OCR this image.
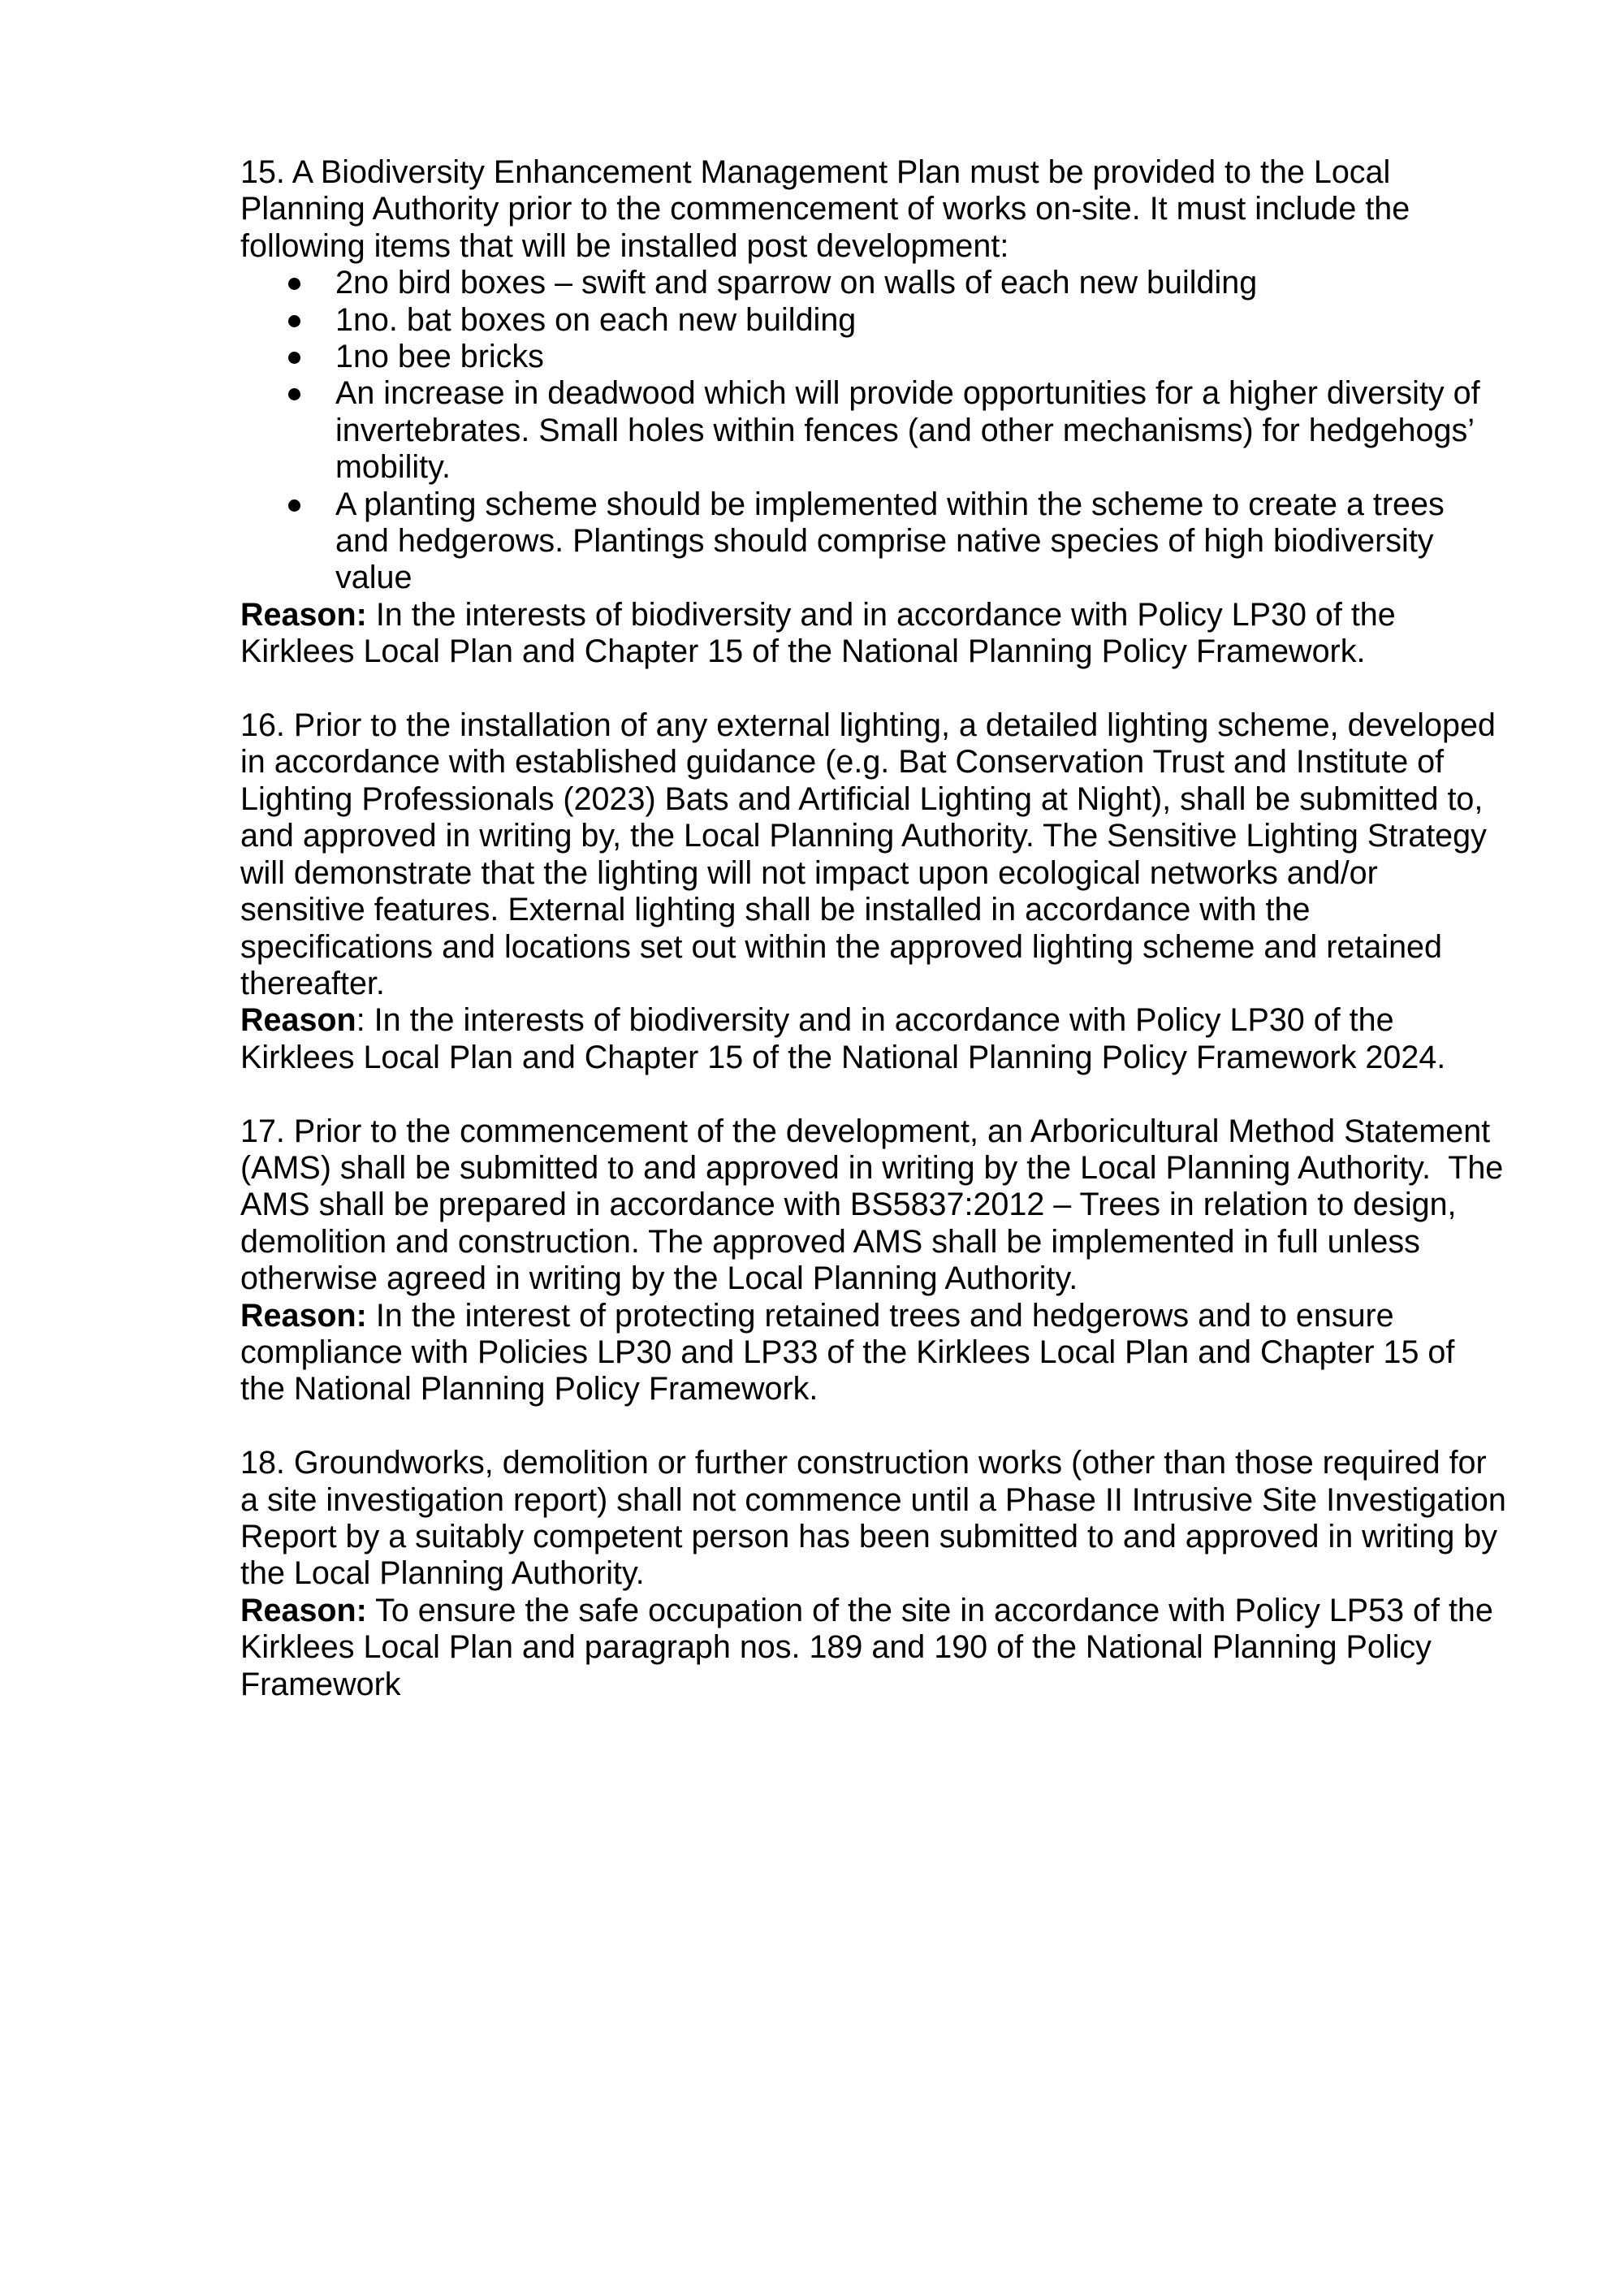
15. A Biodiversity Enhancement Management Plan must be provided to the Local Planning Authority prior to the commencement of works on-site. It must include the following items that will be installed post development:

2no bird boxes – swift and sparrow on walls of each new building
1no. bat boxes on each new building
1no bee bricks
An increase in deadwood which will provide opportunities for a higher diversity of invertebrates. Small holes within fences (and other mechanisms) for hedgehogs’ mobility.
A planting scheme should be implemented within the scheme to create a trees and hedgerows. Plantings should comprise native species of high biodiversity value

Reason: In the interests of biodiversity and in accordance with Policy LP30 of the Kirklees Local Plan and Chapter 15 of the National Planning Policy Framework.

16. Prior to the installation of any external lighting, a detailed lighting scheme, developed in accordance with established guidance (e.g. Bat Conservation Trust and Institute of Lighting Professionals (2023) Bats and Artificial Lighting at Night), shall be submitted to, and approved in writing by, the Local Planning Authority. The Sensitive Lighting Strategy will demonstrate that the lighting will not impact upon ecological networks and/or sensitive features. External lighting shall be installed in accordance with the specifications and locations set out within the approved lighting scheme and retained thereafter.

Reason: In the interests of biodiversity and in accordance with Policy LP30 of the Kirklees Local Plan and Chapter 15 of the National Planning Policy Framework 2024.

17. Prior to the commencement of the development, an Arboricultural Method Statement (AMS) shall be submitted to and approved in writing by the Local Planning Authority.  The AMS shall be prepared in accordance with BS5837:2012 – Trees in relation to design, demolition and construction. The approved AMS shall be implemented in full unless otherwise agreed in writing by the Local Planning Authority.

Reason: In the interest of protecting retained trees and hedgerows and to ensure compliance with Policies LP30 and LP33 of the Kirklees Local Plan and Chapter 15 of the National Planning Policy Framework.

18. Groundworks, demolition or further construction works (other than those required for a site investigation report) shall not commence until a Phase II Intrusive Site Investigation Report by a suitably competent person has been submitted to and approved in writing by the Local Planning Authority.

Reason: To ensure the safe occupation of the site in accordance with Policy LP53 of the Kirklees Local Plan and paragraph nos. 189 and 190 of the National Planning Policy Framework
